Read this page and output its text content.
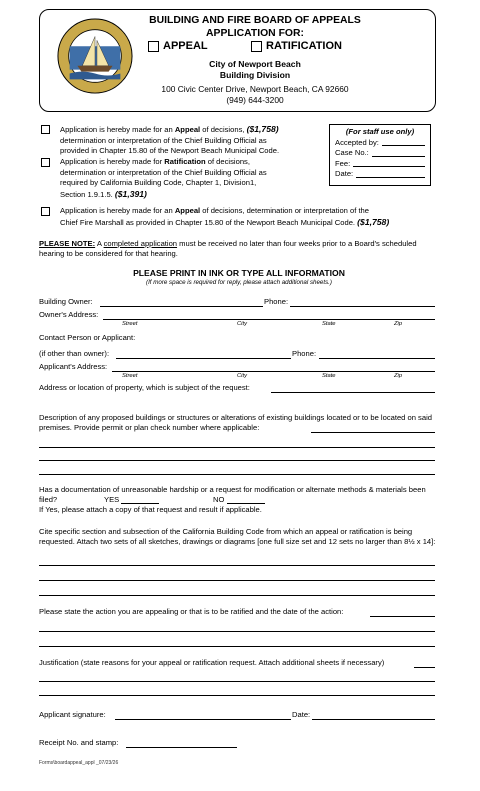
BUILDING AND FIRE BOARD OF APPEALS
APPLICATION FOR:
APPEAL	RATIFICATION
City of Newport Beach
Building Division
100 Civic Center Drive, Newport Beach, CA 92660
(949) 644-3200
Application is hereby made for an Appeal of decisions, ($1,758)
determination or interpretation of the Chief Building Official as
provided in Chapter 15.80 of the Newport Beach Municipal Code.
Application is hereby made for Ratification of decisions,
determination or interpretation of the Chief Building Official as
required by California Building Code, Chapter 1, Division1,
Section 1.9.1.5. ($1,391)
Application is hereby made for an Appeal of decisions, determination or interpretation of the
Chief Fire Marshall as provided in Chapter 15.80 of the Newport Beach Municipal Code. ($1,758)
(For staff use only)
Accepted by:
Case No.:
Fee:
Date:
PLEASE NOTE: A completed application must be received no later than four weeks prior to a Board's scheduled hearing to be considered for that hearing.
PLEASE PRINT IN INK OR TYPE ALL INFORMATION
(If more space is required for reply, please attach additional sheets.)
Building Owner:	Phone:
Owner's Address:
Street	City	State	Zip
Contact Person or Applicant:
(if other than owner):	Phone:
Applicant's Address:
Street	City	State	Zip
Address or location of property, which is subject of the request:
Description of any proposed buildings or structures or alterations of existing buildings located or to be located on said premises. Provide permit or plan check number where applicable:
Has a documentation of unreasonable hardship or a request for modification or alternate methods & materials been filed?	YES	NO
If Yes, please attach a copy of that request and result if applicable.
Cite specific section and subsection of the California Building Code from which an appeal or ratification is being requested. Attach two sets of all sketches, drawings or diagrams [one full size set and 12 sets no larger than 8½ x 14]:
Please state the action you are appealing or that is to be ratified and the date of the action:
Justification (state reasons for your appeal or ratification request. Attach additional sheets if necessary)
Applicant signature:	Date:
Receipt No. and stamp:
Forms\boardappeal_appl _07/23/26
